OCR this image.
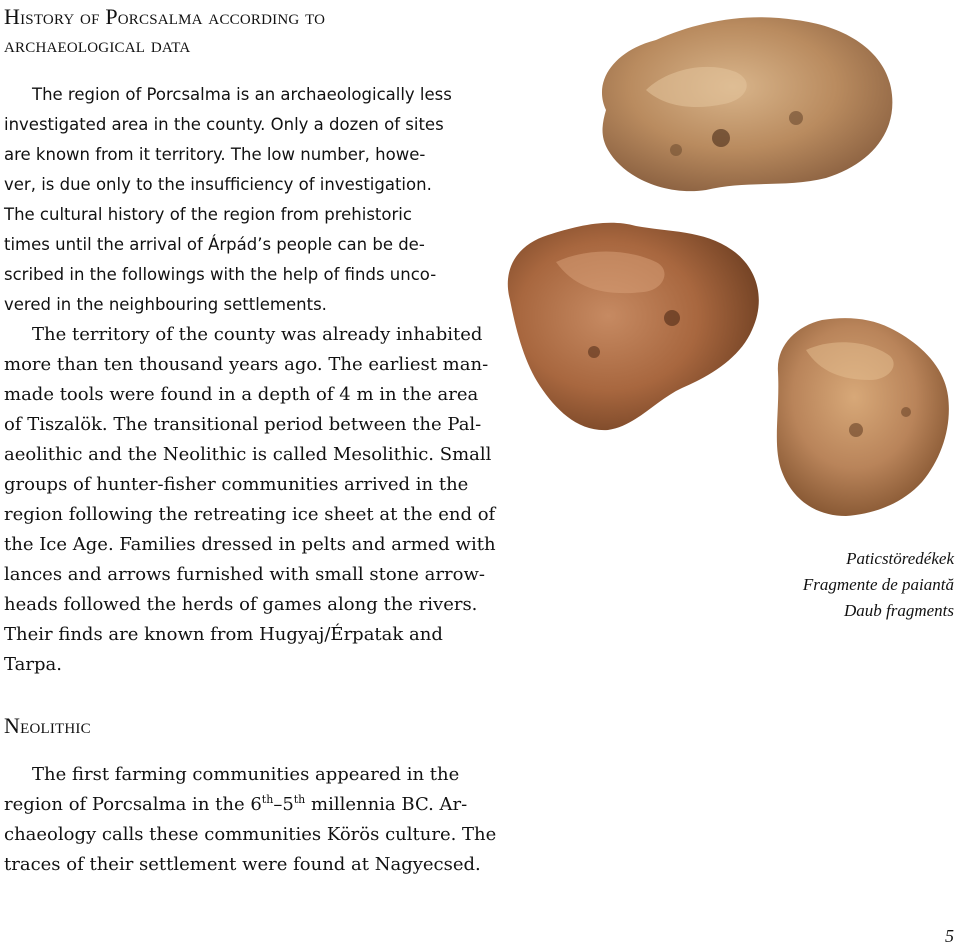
History of Porcsalma according to archaeological data
The region of Porcsalma is an archaeologically less
investigated area in the county. Only a dozen of sites
are known from it territory. The low number, howe-
ver, is due only to the insufficiency of investigation.
The cultural history of the region from prehistoric
times until the arrival of Árpád’s people can be de-
scribed in the followings with the help of finds unco-
vered in the neighbouring settlements.
The territory of the county was already inhabited
more than ten thousand years ago. The earliest man-
made tools were found in a depth of 4 m in the area
of Tiszalök. The transitional period between the Pal-
aeolithic and the Neolithic is called Mesolithic. Small
groups of hunter-fisher communities arrived in the
region following the retreating ice sheet at the end of
the Ice Age. Families dressed in pelts and armed with
lances and arrows furnished with small stone arrow-
heads followed the herds of games along the rivers.
Their finds are known from Hugyaj/Érpatak and
Tarpa.
Neolithic
The first farming communities appeared in the
region of Porcsalma in the 6th–5th millennia BC. Ar-
chaeology calls these communities Körös culture. The
traces of their settlement were found at Nagyecsed.
Paticstöredékek
Fragmente de paiantă
Daub fragments
5
